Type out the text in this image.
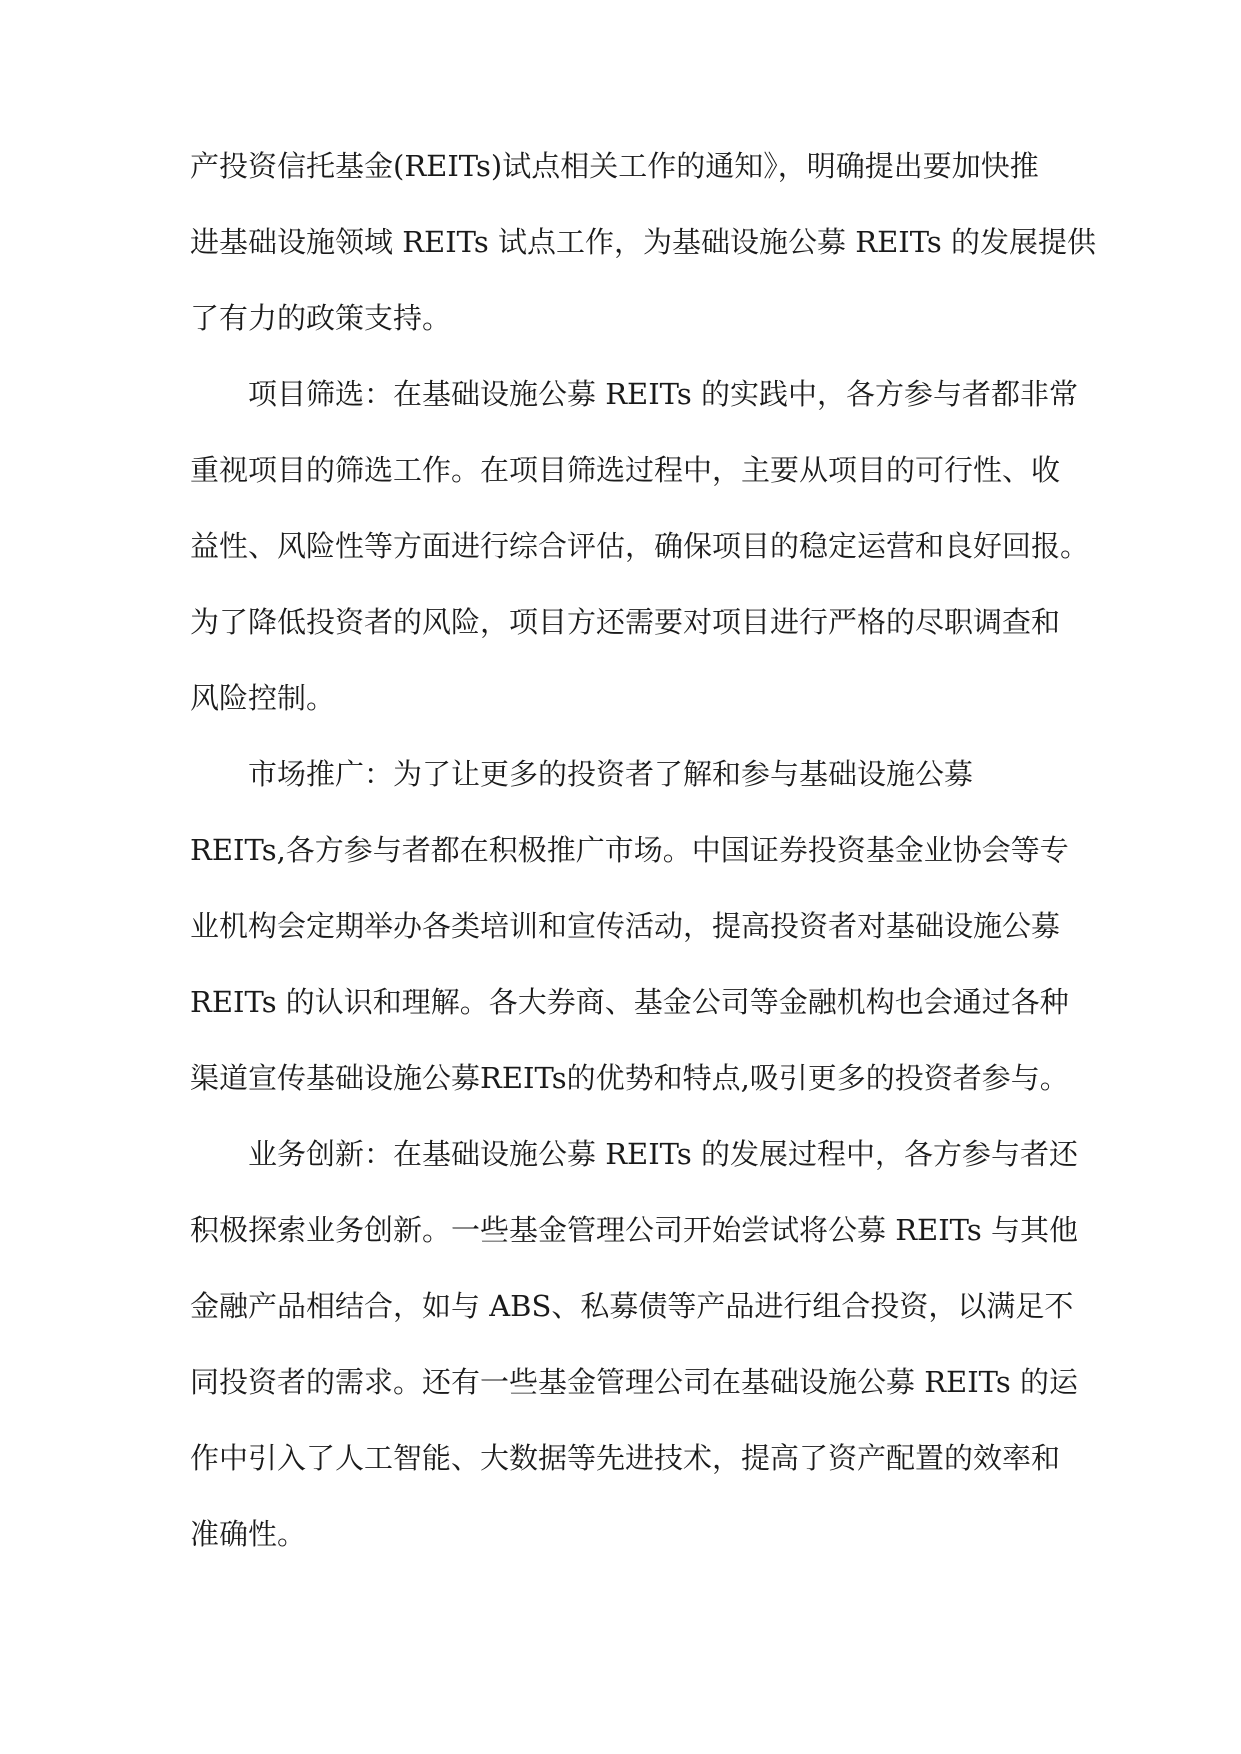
产投资信托基金(REITs)试点相关工作的通知》，明确提出要加快推
进基础设施领域 REITs 试点工作，为基础设施公募 REITs 的发展提供
了有力的政策支持。
项目筛选：在基础设施公募 REITs 的实践中，各方参与者都非常
重视项目的筛选工作。在项目筛选过程中，主要从项目的可行性、收
益性、风险性等方面进行综合评估，确保项目的稳定运营和良好回报。
为了降低投资者的风险，项目方还需要对项目进行严格的尽职调查和
风险控制。
市场推广：为了让更多的投资者了解和参与基础设施公募
REITs,各方参与者都在积极推广市场。中国证券投资基金业协会等专
业机构会定期举办各类培训和宣传活动，提高投资者对基础设施公募
REITs 的认识和理解。各大券商、基金公司等金融机构也会通过各种
渠道宣传基础设施公募REITs的优势和特点,吸引更多的投资者参与。
业务创新：在基础设施公募 REITs 的发展过程中，各方参与者还
积极探索业务创新。一些基金管理公司开始尝试将公募 REITs 与其他
金融产品相结合，如与 ABS、私募债等产品进行组合投资，以满足不
同投资者的需求。还有一些基金管理公司在基础设施公募 REITs 的运
作中引入了人工智能、大数据等先进技术，提高了资产配置的效率和
准确性。
